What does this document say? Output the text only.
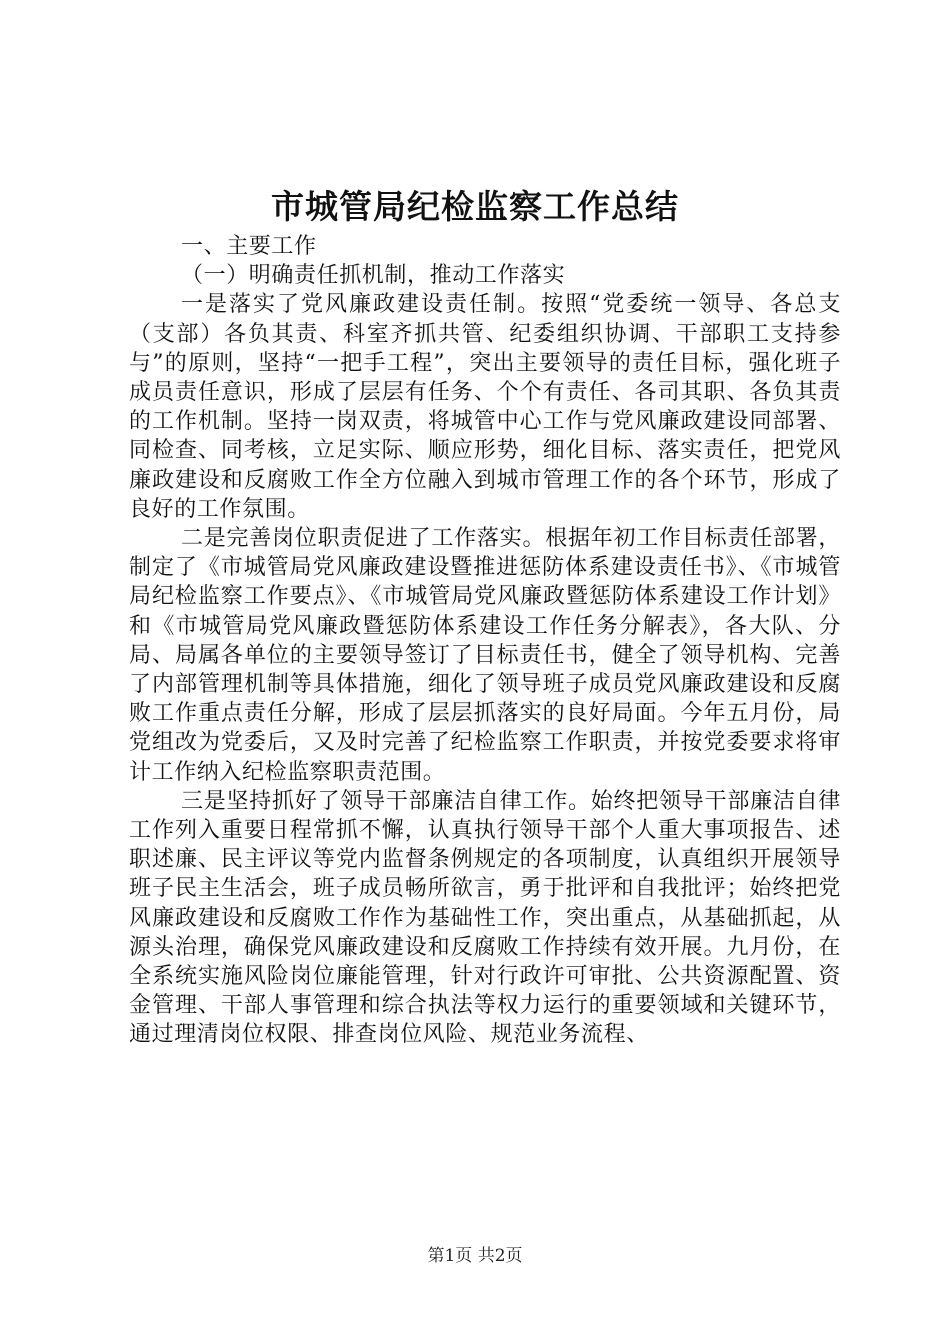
市城管局纪检监察工作总结

一、主要工作

（一）明确责任抓机制，推动工作落实

一是落实了党风廉政建设责任制。按照“党委统一领导、各总支（支部）各负其责、科室齐抓共管、纪委组织协调、干部职工支持参与”的原则，坚持“一把手工程”，突出主要领导的责任目标，强化班子成员责任意识，形成了层层有任务、个个有责任、各司其职、各负其责的工作机制。坚持一岗双责，将城管中心工作与党风廉政建设同部署、同检查、同考核，立足实际、顺应形势，细化目标、落实责任，把党风廉政建设和反腐败工作全方位融入到城市管理工作的各个环节，形成了良好的工作氛围。

二是完善岗位职责促进了工作落实。根据年初工作目标责任部署，制定了《市城管局党风廉政建设暨推进惩防体系建设责任书》、《市城管局纪检监察工作要点》、《市城管局党风廉政暨惩防体系建设工作计划》和《市城管局党风廉政暨惩防体系建设工作任务分解表》，各大队、分局、局属各单位的主要领导签订了目标责任书，健全了领导机构、完善了内部管理机制等具体措施，细化了领导班子成员党风廉政建设和反腐败工作重点责任分解，形成了层层抓落实的良好局面。今年五月份，局党组改为党委后，又及时完善了纪检监察工作职责，并按党委要求将审计工作纳入纪检监察职责范围。

三是坚持抓好了领导干部廉洁自律工作。始终把领导干部廉洁自律工作列入重要日程常抓不懈，认真执行领导干部个人重大事项报告、述职述廉、民主评议等党内监督条例规定的各项制度，认真组织开展领导班子民主生活会，班子成员畅所欲言，勇于批评和自我批评；始终把党风廉政建设和反腐败工作作为基础性工作，突出重点，从基础抓起，从源头治理，确保党风廉政建设和反腐败工作持续有效开展。九月份，在全系统实施风险岗位廉能管理，针对行政许可审批、公共资源配置、资金管理、干部人事管理和综合执法等权力运行的重要领域和关键环节，通过理清岗位权限、排查岗位风险、规范业务流程、

第1页 共2页
